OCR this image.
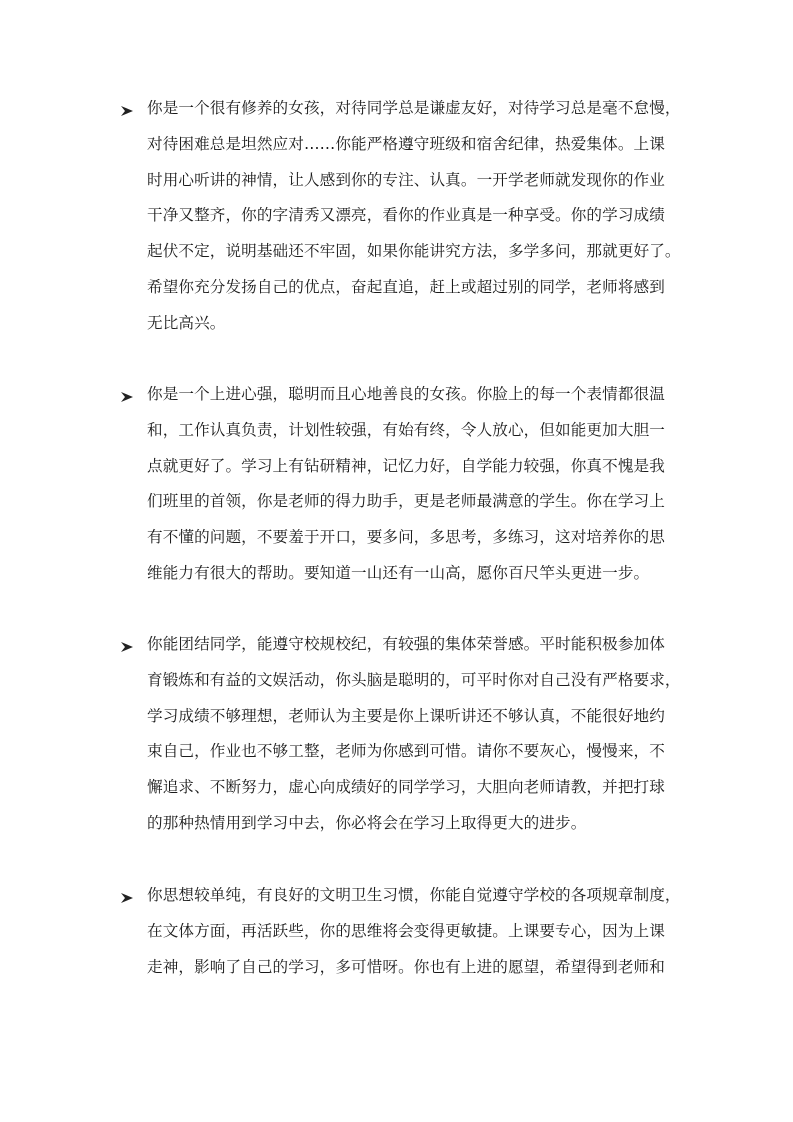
你是一个很有修养的女孩，对待同学总是谦虚友好，对待学习总是毫不怠慢，
对待困难总是坦然应对……你能严格遵守班级和宿舍纪律，热爱集体。上课
时用心听讲的神情，让人感到你的专注、认真。一开学老师就发现你的作业
干净又整齐，你的字清秀又漂亮，看你的作业真是一种享受。你的学习成绩
起伏不定，说明基础还不牢固，如果你能讲究方法，多学多问，那就更好了。
希望你充分发扬自己的优点，奋起直追，赶上或超过别的同学，老师将感到
无比高兴。
你是一个上进心强，聪明而且心地善良的女孩。你脸上的每一个表情都很温
和，工作认真负责，计划性较强，有始有终，令人放心，但如能更加大胆一
点就更好了。学习上有钻研精神，记忆力好，自学能力较强，你真不愧是我
们班里的首领，你是老师的得力助手，更是老师最满意的学生。你在学习上
有不懂的问题，不要羞于开口，要多问，多思考，多练习，这对培养你的思
维能力有很大的帮助。要知道一山还有一山高，愿你百尺竿头更进一步。
你能团结同学，能遵守校规校纪，有较强的集体荣誉感。平时能积极参加体
育锻炼和有益的文娱活动，你头脑是聪明的，可平时你对自己没有严格要求，
学习成绩不够理想，老师认为主要是你上课听讲还不够认真，不能很好地约
束自己，作业也不够工整，老师为你感到可惜。请你不要灰心，慢慢来，不
懈追求、不断努力，虚心向成绩好的同学学习，大胆向老师请教，并把打球
的那种热情用到学习中去，你必将会在学习上取得更大的进步。
你思想较单纯，有良好的文明卫生习惯，你能自觉遵守学校的各项规章制度，
在文体方面，再活跃些，你的思维将会变得更敏捷。上课要专心，因为上课
走神，影响了自己的学习，多可惜呀。你也有上进的愿望，希望得到老师和
